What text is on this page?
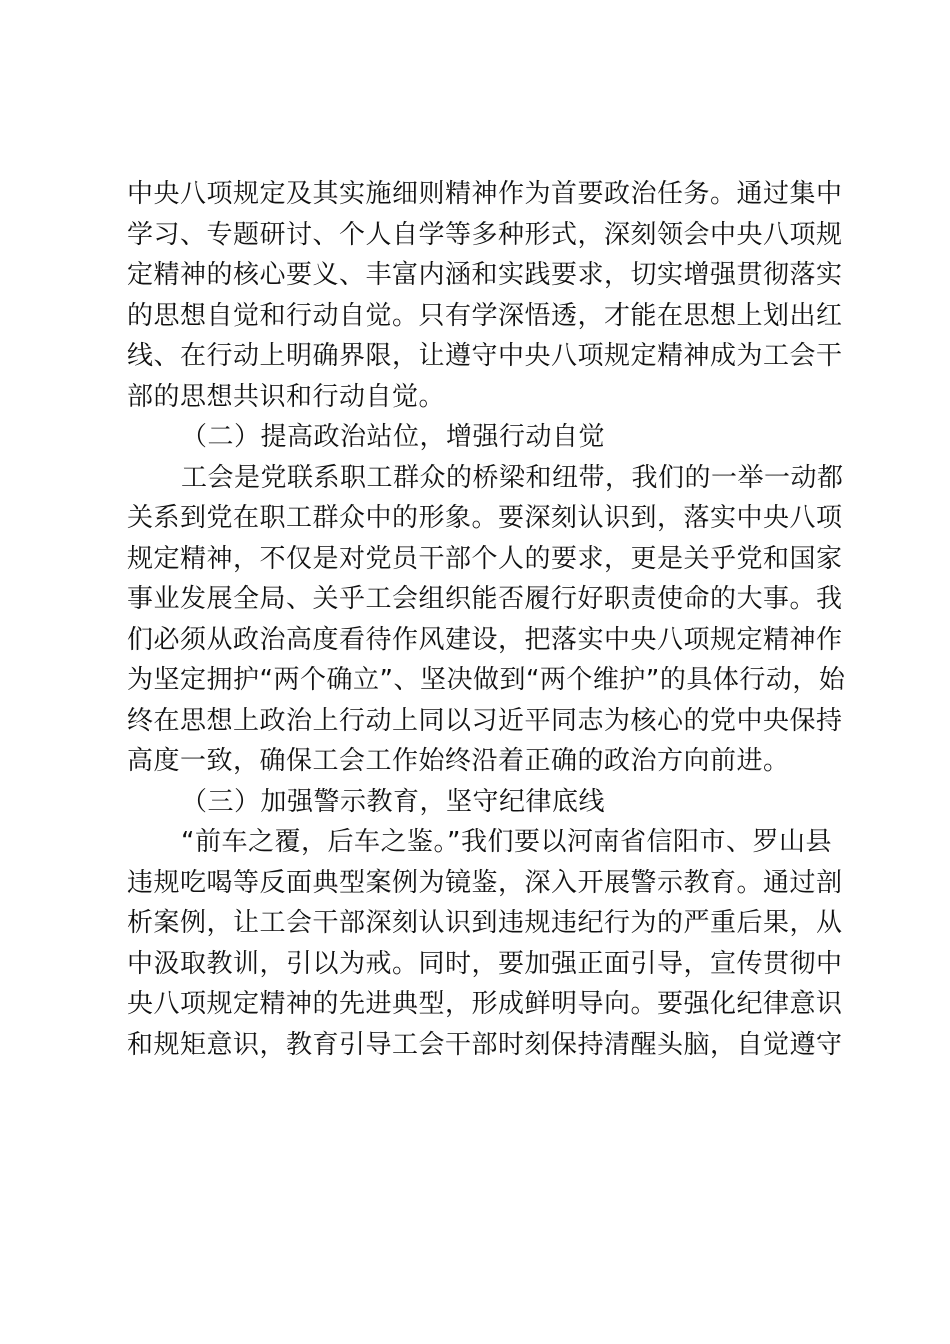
中央八项规定及其实施细则精神作为首要政治任务。通过集中
学习、专题研讨、个人自学等多种形式，深刻领会中央八项规
定精神的核心要义、丰富内涵和实践要求，切实增强贯彻落实
的思想自觉和行动自觉。只有学深悟透，才能在思想上划出红
线、在行动上明确界限，让遵守中央八项规定精神成为工会干
部的思想共识和行动自觉。
（二）提高政治站位，增强行动自觉
工会是党联系职工群众的桥梁和纽带，我们的一举一动都
关系到党在职工群众中的形象。要深刻认识到，落实中央八项
规定精神，不仅是对党员干部个人的要求，更是关乎党和国家
事业发展全局、关乎工会组织能否履行好职责使命的大事。我
们必须从政治高度看待作风建设，把落实中央八项规定精神作
为坚定拥护“两个确立”、坚决做到“两个维护”的具体行动，始
终在思想上政治上行动上同以习近平同志为核心的党中央保持
高度一致，确保工会工作始终沿着正确的政治方向前进。
（三）加强警示教育，坚守纪律底线
“前车之覆，后车之鉴。”我们要以河南省信阳市、罗山县
违规吃喝等反面典型案例为镜鉴，深入开展警示教育。通过剖
析案例，让工会干部深刻认识到违规违纪行为的严重后果，从
中汲取教训，引以为戒。同时，要加强正面引导，宣传贯彻中
央八项规定精神的先进典型，形成鲜明导向。要强化纪律意识
和规矩意识，教育引导工会干部时刻保持清醒头脑，自觉遵守
